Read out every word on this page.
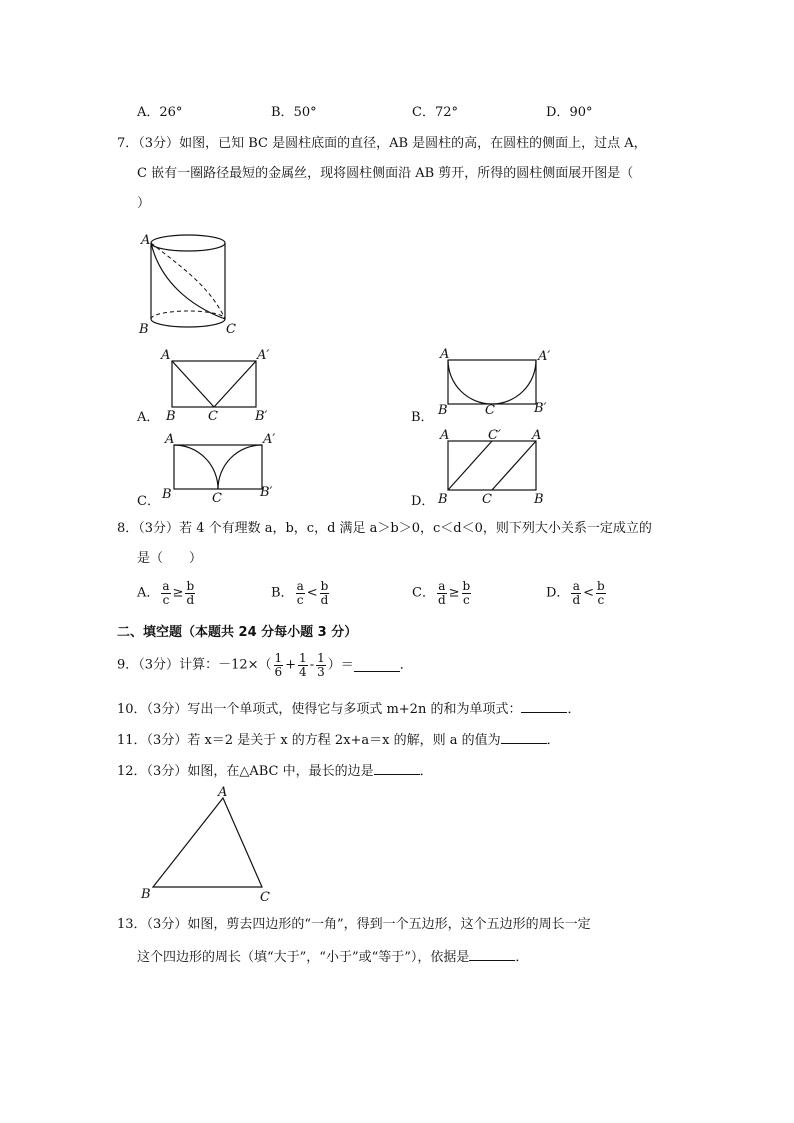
A．26°	B．50°	C．72°	D．90°
7．（3分）如图，已知 BC 是圆柱底面的直径，AB 是圆柱的高，在圆柱的侧面上，过点 A，
C 嵌有一圈路径最短的金属丝，现将圆柱侧面沿 AB 剪开，所得的圆柱侧面展开图是（
）
A
B	C
A．
A	A′
B C	B′	B．
A	A′
B	C	B′
C．
A	A′
B	C	B′
D．
A	C′ A
B	C	B
8．（3分）若 4 个有理数 a，b，c，d 满足 a＞b＞0，c＜d＜0，则下列大小关系一定成立的
是（　　）
A． $\frac{a}{c} \ge \frac{b}{d}$	B． $\frac{a}{c} < \frac{b}{d}$	C． $\frac{a}{d} \ge \frac{b}{c}$	D． $\frac{a}{d} < \frac{b}{c}$
二、填空题（本题共 24 分每小题 3 分）
9．（3分）计算：$-12\times( \frac{1}{6} + \frac{1}{4} - \frac{1}{3}$ ）＝	．
10．（3分）写出一个单项式，使得它与多项式 m+2n 的和为单项式：	．
11．（3分）若 x＝2 是关于 x 的方程 2x+a＝x 的解，则 a 的值为	．
12．（3分）如图，在△ABC 中，最长的边是	．
A
B	C
13．（3分）如图，剪去四边形的“一角”，得到一个五边形，这个五边形的周长一定
这个四边形的周长（填“大于”，“小于”或“等于”），依据是	．
